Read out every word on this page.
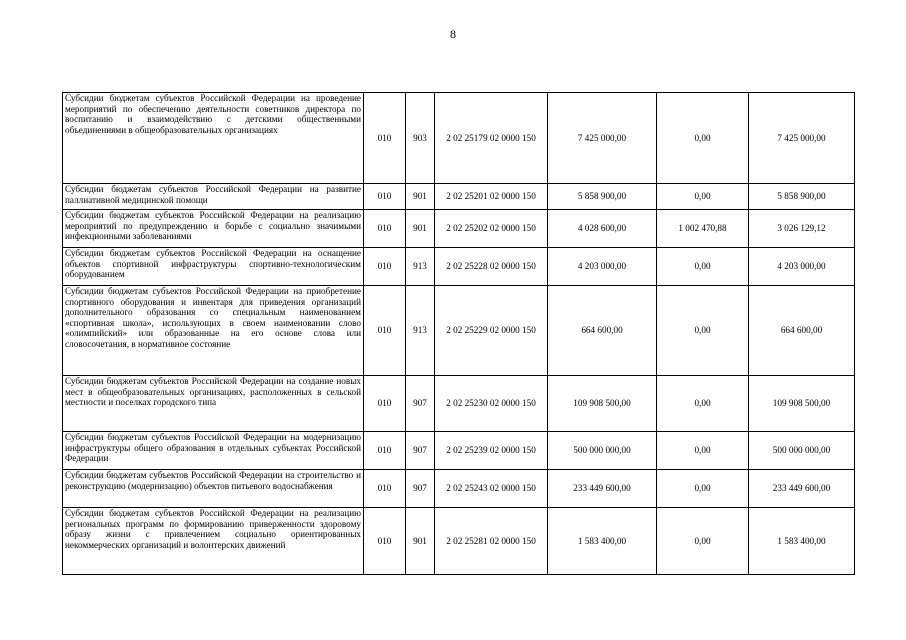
8
Субсидии бюджетам субъектов Российской Федерации на проведение мероприятий по обеспечению деятельности советников директора по воспитанию и взаимодействию с детскими общественными объединениями в общеобразовательных организациях	010	903	2 02 25179 02 0000 150	7 425 000,00	0,00	7 425 000,00
Субсидии бюджетам субъектов Российской Федерации на развитие паллиативной медицинской помощи	010	901	2 02 25201 02 0000 150	5 858 900,00	0,00	5 858 900,00
Субсидии бюджетам субъектов Российской Федерации на реализацию мероприятий по предупреждению и борьбе с социально значимыми инфекционными заболеваниями	010	901	2 02 25202 02 0000 150	4 028 600,00	1 002 470,88	3 026 129,12
Субсидии бюджетам субъектов Российской Федерации на оснащение объектов спортивной инфраструктуры спортивно-технологическим оборудованием	010	913	2 02 25228 02 0000 150	4 203 000,00	0,00	4 203 000,00
Субсидии бюджетам субъектов Российской Федерации на приобретение спортивного оборудования и инвентаря для приведения организаций дополнительного образования со специальным наименованием «спортивная школа», использующих в своем наименовании слово «олимпийский» или образованные на его основе слова или словосочетания, в нормативное состояние	010	913	2 02 25229 02 0000 150	664 600,00	0,00	664 600,00
Субсидии бюджетам субъектов Российской Федерации на создание новых мест в общеобразовательных организациях, расположенных в сельской местности и поселках городского типа	010	907	2 02 25230 02 0000 150	109 908 500,00	0,00	109 908 500,00
Субсидии бюджетам субъектов Российской Федерации на модернизацию инфраструктуры общего образования в отдельных субъектах Российской Федерации	010	907	2 02 25239 02 0000 150	500 000 000,00	0,00	500 000 000,00
Субсидии бюджетам субъектов Российской Федерации на строительство и реконструкцию (модернизацию) объектов питьевого водоснабжения	010	907	2 02 25243 02 0000 150	233 449 600,00	0,00	233 449 600,00
Субсидии бюджетам субъектов Российской Федерации на реализацию региональных программ по формированию приверженности здоровому образу жизни с привлечением социально ориентированных некоммерческих организаций и волонтерских движений	010	901	2 02 25281 02 0000 150	1 583 400,00	0,00	1 583 400,00
